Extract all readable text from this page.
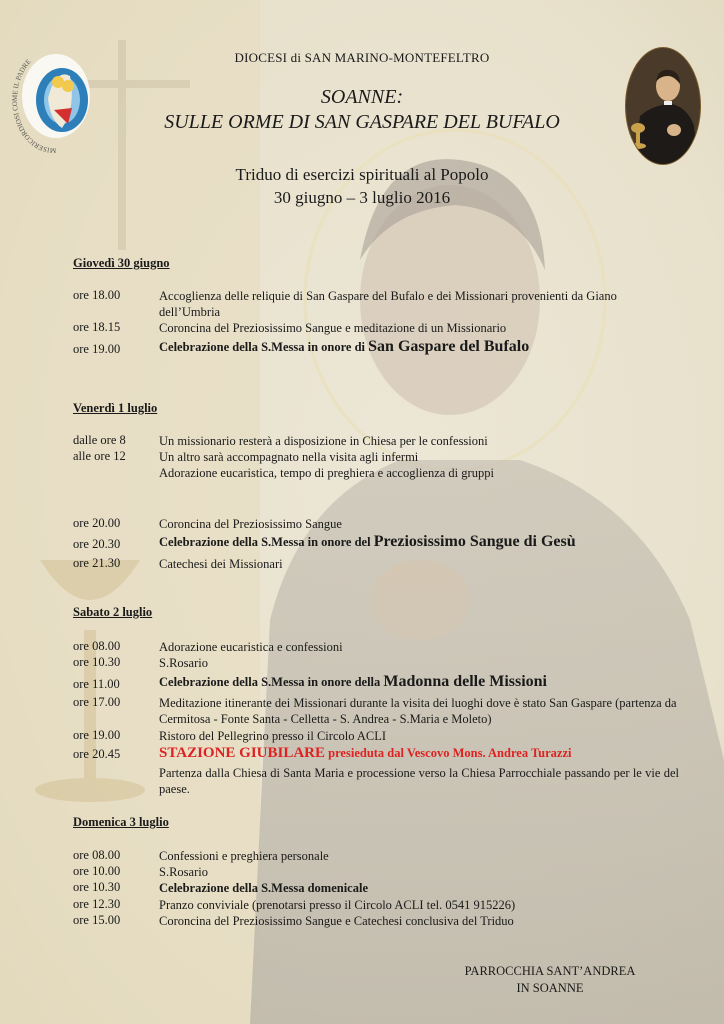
MISERICORDIOSI COME IL PADRE	DIOCESI di SAN MARINO-MONTEFELTRO
SOANNE:
SULLE ORME DI SAN GASPARE DEL BUFALO
Triduo di esercizi spirituali al Popolo
30 giugno – 3 luglio 2016
Giovedì 30 giugno
ore 18.00	Accoglienza delle reliquie di San Gaspare del Bufalo e dei Missionari provenienti da Giano dell’Umbria
ore 18.15	Coroncina del Preziosissimo Sangue e meditazione di un Missionario
ore 19.00	Celebrazione della S.Messa in onore di San Gaspare del Bufalo
Venerdì 1 luglio
dalle ore 8	Un missionario resterà a disposizione in Chiesa per le confessioni
alle ore 12	Un altro sarà accompagnato nella visita agli infermi
Adorazione eucaristica, tempo di preghiera e accoglienza di gruppi
ore 20.00	Coroncina del Preziosissimo Sangue
ore 20.30	Celebrazione della S.Messa in onore del Preziosissimo Sangue di Gesù
ore 21.30	Catechesi dei Missionari
Sabato 2 luglio
ore 08.00	Adorazione eucaristica e confessioni
ore 10.30	S.Rosario
ore 11.00	Celebrazione della S.Messa in onore della Madonna delle Missioni
ore 17.00	Meditazione itinerante dei Missionari durante la visita dei luoghi dove è stato San Gaspare (partenza da Cermitosa - Fonte Santa - Celletta - S. Andrea - S.Maria e Moleto)
ore 19.00	Ristoro del Pellegrino presso il Circolo ACLI
ore 20.45	STAZIONE GIUBILARE presieduta dal Vescovo Mons. Andrea Turazzi
Partenza dalla Chiesa di Santa Maria e processione verso la Chiesa Parrocchiale passando per le vie del paese.
Domenica 3 luglio
ore 08.00	Confessioni e preghiera personale
ore 10.00	S.Rosario
ore 10.30	Celebrazione della S.Messa domenicale
ore 12.30	Pranzo conviviale (prenotarsi presso il Circolo ACLI tel. 0541 915226)
ore 15.00	Coroncina del Preziosissimo Sangue e Catechesi conclusiva del Triduo
PARROCCHIA SANT’ANDREA
IN SOANNE
